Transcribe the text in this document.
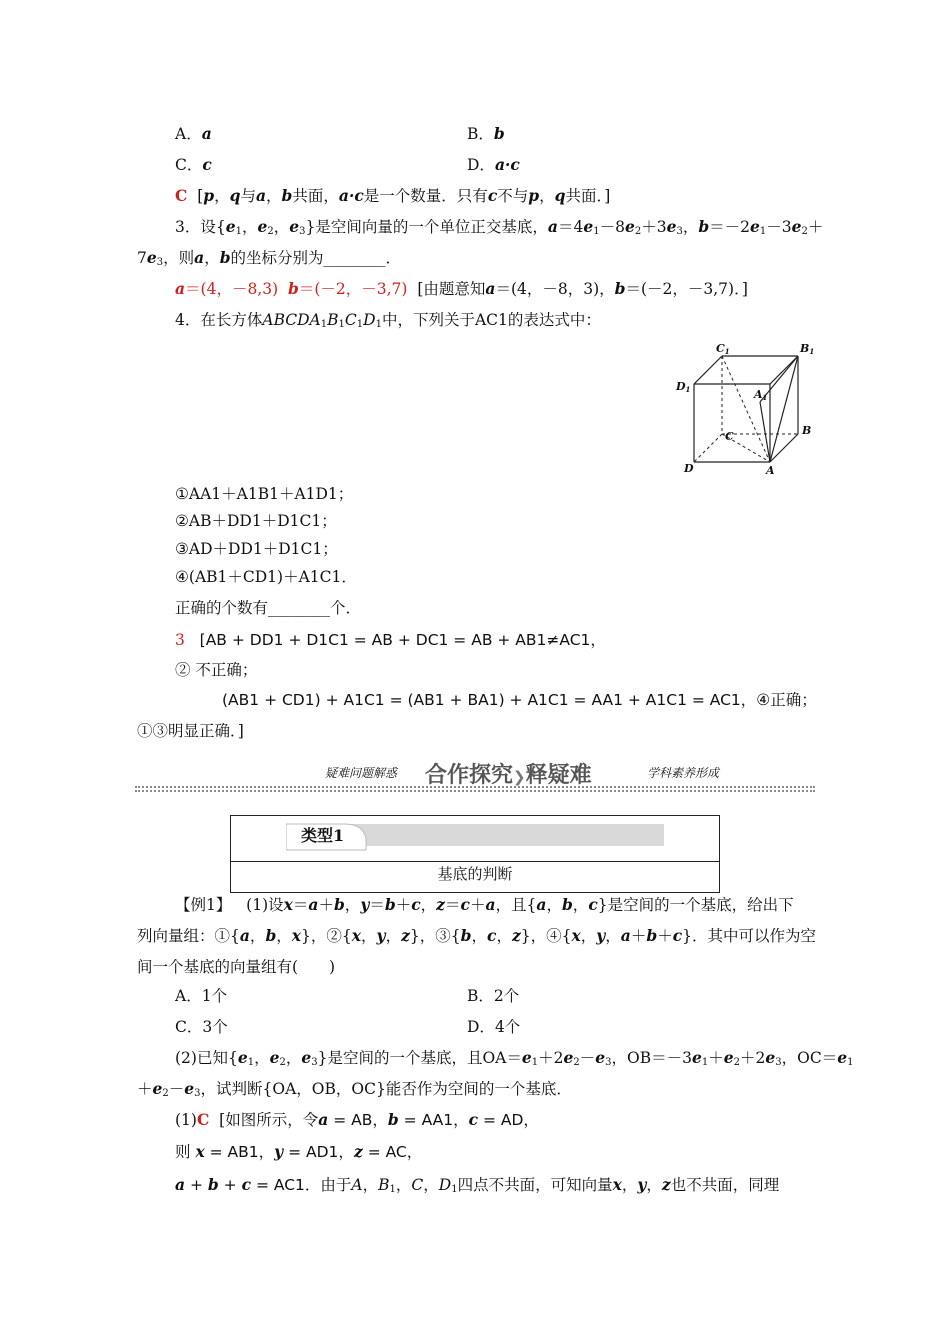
A．a	B．b
C．c	D．a·c
C [p，q与a，b共面，a·c是一个数量．只有c不与p，q共面．]
3．设{$e_1$，$e_2$，$e_3$}是空间向量的一个单位正交基底，$a=4e_1-8e_2+3e_3$，$b=-2e_1-3e_2+$
$7e_3$，则a，b的坐标分别为________．
a＝(4，－8,3) b＝(－2，－3,7) [由题意知a＝(4，－8，3)，b＝(－2，－3,7)．]
4．在长方体$ABCDA_1B_1C_1D_1$中，下列关于AC1的表达式中：
C1	B1
D1	A1
C	B
D	A
①AA1＋A1B1＋A1D1；
②AB＋DD1＋D1C1；
③AD＋DD1＋D1C1；
④(AB1＋CD1)＋A1C1．
正确的个数有________个．
3 [AB + DD1 + D1C1 = AB + DC1 = AB + AB1≠AC1，
② 不正确；
(AB1 + CD1) + A1C1 = (AB1 + BA1) + A1C1 = AA1 + A1C1 = AC1，④正确；
①③明显正确．]
疑难问题解惑 合作探究❯释疑难	学科素养形成
类型1
基底的判断
【例1】 (1)设x＝a＋b，y＝b＋c，z＝c＋a，且{a，b，c}是空间的一个基底，给出下
列向量组：①{a，b，x}，②{x，y，z}，③{b，c，z}，④{x，y，a＋b＋c}．其中可以作为空
间一个基底的向量组有(　　)
A．1个	B．2个
C．3个	D．4个
(2)已知{$e_1$，$e_2$，$e_3$}是空间的一个基底，且$OA=e_1+2e_2-e_3$，$OB=-3e_1+e_2+2e_3$，$OC=e_1$
$+e_2-e_3$，试判断{OA，OB，OC}能否作为空间的一个基底．
(1)C [如图所示，令a = AB，b = AA1，c = AD，
则 x = AB1，y = AD1，z = AC，
a + b + c = AC1．由于A，$B_1$，C，$D_1$四点不共面，可知向量x，y，z也不共面，同理
